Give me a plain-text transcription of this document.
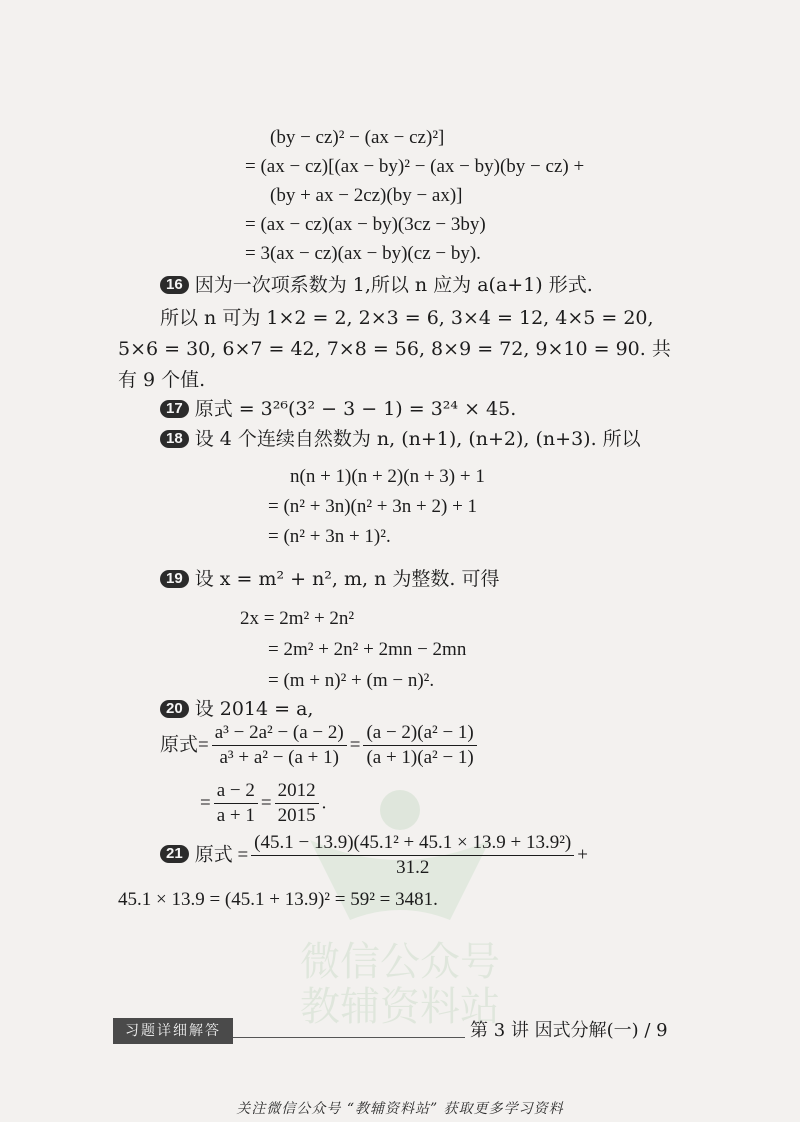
微信公众号
教辅资料站
(by − cz)² − (ax − cz)²]
= (ax − cz)[(ax − by)² − (ax − by)(by − cz) +
(by + ax − 2cz)(by − ax)]
= (ax − cz)(ax − by)(3cz − 3by)
= 3(ax − cz)(ax − by)(cz − by).
16 因为一次项系数为 1,所以 n 应为 a(a+1) 形式.
所以 n 可为 1×2 = 2, 2×3 = 6, 3×4 = 12, 4×5 = 20,
5×6 = 30, 6×7 = 42, 7×8 = 56, 8×9 = 72, 9×10 = 90. 共
有 9 个值.
17 原式 = 3²⁶(3² − 3 − 1) = 3²⁴ × 45.
18 设 4 个连续自然数为 n, (n+1), (n+2), (n+3). 所以
n(n + 1)(n + 2)(n + 3) + 1
= (n² + 3n)(n² + 3n + 2) + 1
= (n² + 3n + 1)².
19 设 x = m² + n², m, n 为整数. 可得
2x = 2m² + 2n²
= 2m² + 2n² + 2mn − 2mn
= (m + n)² + (m − n)².
20 设 2014 = a,
原式= $\frac{\text{a³ − 2a² − (a − 2)}}{\text{a³ + a² − (a + 1)}} = \frac{\text{(a − 2)(a² − 1)}}{\text{(a + 1)(a² − 1)}}$
= $\frac{a - 2}{a + 1} = \frac{2012}{2015}$ .
21 原式 = $\frac{\text{(45.1 − 13.9)(45.1² + 45.1 × 13.9 + 13.9²)}}{31.2}$ +
45.1 × 13.9 = (45.1 + 13.9)² = 59² = 3481.
习题详细解答	第 3 讲 因式分解(一) / 9
关注微信公众号 “教辅资料站” 获取更多学习资料
